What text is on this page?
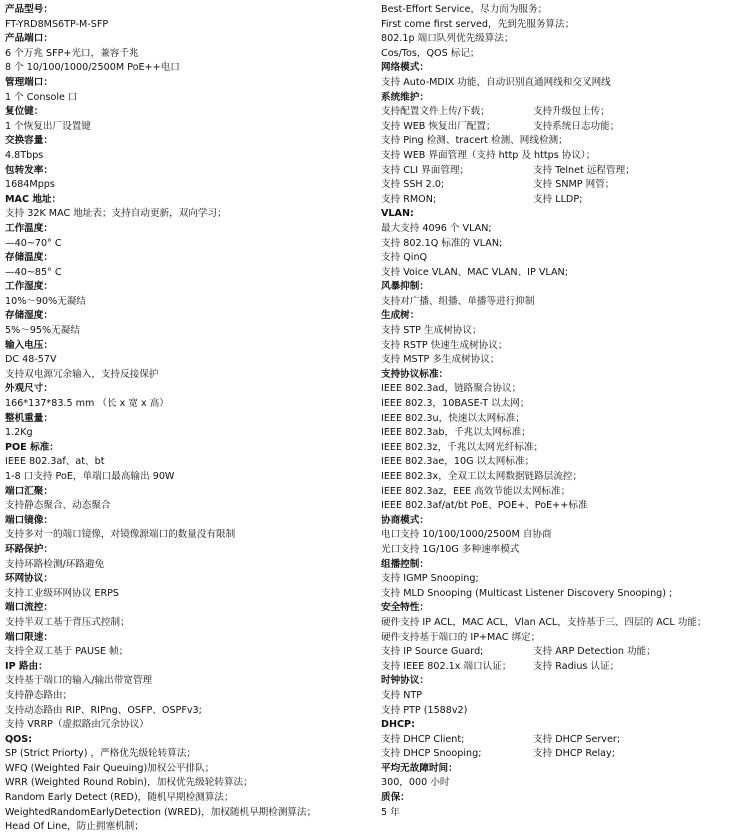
产品型号：
FT-YRD8MS6TP-M-SFP
产品端口：
6 个万兆 SFP+光口，兼容千兆
8 个 10/100/1000/2500M PoE++电口
管理端口：
1 个 Console 口
复位键：
1 个恢复出厂设置键
交换容量：
4.8Tbps
包转发率：
1684Mpps
MAC 地址：
支持 32K MAC 地址表；支持自动更新，双向学习；
工作温度：
—40~70° C
存储温度：
—40~85° C
工作湿度：
10%～90%无凝结
存储湿度：
5%～95%无凝结
输入电压：
DC 48-57V
支持双电源冗余输入，支持反接保护
外观尺寸：
166*137*83.5 mm （长 x 宽 x 高）
整机重量：
1.2Kg
POE 标准：
IEEE 802.3af、at、bt
1-8 口支持 PoE，单端口最高输出 90W
端口汇聚：
支持静态聚合、动态聚合
端口镜像：
支持多对一的端口镜像，对镜像源端口的数量没有限制
环路保护：
支持环路检测/环路避免
环网协议：
支持工业级环网协议 ERPS
端口流控：
支持半双工基于背压式控制；
端口限速：
支持全双工基于 PAUSE 帧；
IP 路由：
支持基于端口的输入/输出带宽管理
支持静态路由；
支持动态路由 RIP、RIPng、OSFP、OSPFv3;
支持 VRRP（虚拟路由冗余协议）
QOS:
SP (Strict Priorty) ，严格优先级轮转算法；
WFQ (Weighted Fair Queuing)加权公平排队；
WRR (Weighted Round Robin)，加权优先级轮转算法；
Random Early Detect (RED)，随机早期检测算法；
WeightedRandomEarlyDetection (WRED)，加权随机早期检测算法；
Head Of Line，防止拥塞机制；
Best-Effort Service，尽力而为服务；
First come first served，先到先服务算法；
802.1p 端口队列优先级算法；
Cos/Tos，QOS 标记；
网络模式：
支持 Auto-MDIX 功能，自动识别直通网线和交叉网线
系统维护：
支持配置文件上传/下载；	支持升级包上传；
支持 WEB 恢复出厂配置；	支持系统日志功能；
支持 Ping 检测、tracert 检测、网线检测；
支持 WEB 界面管理（支持 http 及 https 协议）；
支持 CLI 界面管理；	支持 Telnet 远程管理；
支持 SSH 2.0;	支持 SNMP 网管；
支持 RMON;	支持 LLDP;
VLAN:
最大支持 4096 个 VLAN;
支持 802.1Q 标准的 VLAN;
支持 QinQ
支持 Voice VLAN、MAC VLAN、IP VLAN;
风暴抑制：
支持对广播、组播、单播等进行抑制
生成树：
支持 STP 生成树协议；
支持 RSTP 快速生成树协议；
支持 MSTP 多生成树协议；
支持协议标准：
IEEE 802.3ad，链路聚合协议；
IEEE 802.3，10BASE-T 以太网；
IEEE 802.3u，快速以太网标准；
IEEE 802.3ab，千兆以太网标准；
IEEE 802.3z，千兆以太网光纤标准；
IEEE 802.3ae，10G 以太网标准；
IEEE 802.3x，全双工以太网数据链路层流控；
IEEE 802.3az，EEE 高效节能以太网标准；
IEEE 802.3af/at/bt PoE、POE+、PoE++标准
协商模式：
电口支持 10/100/1000/2500M 自协商
光口支持 1G/10G 多种速率模式
组播控制：
支持 IGMP Snooping;
支持 MLD Snooping (Multicast Listener Discovery Snooping) ;
安全特性：
硬件支持 IP ACL，MAC ACL，Vlan ACL，支持基于三、四层的 ACL 功能；
硬件支持基于端口的 IP+MAC 绑定；
支持 IP Source Guard;	支持 ARP Detection 功能；
支持 IEEE 802.1x 端口认证；	支持 Radius 认证；
时钟协议：
支持 NTP
支持 PTP (1588v2)
DHCP:
支持 DHCP Client;	支持 DHCP Server;
支持 DHCP Snooping;	支持 DHCP Relay;
平均无故障时间：
300，000 小时
质保：
5 年
